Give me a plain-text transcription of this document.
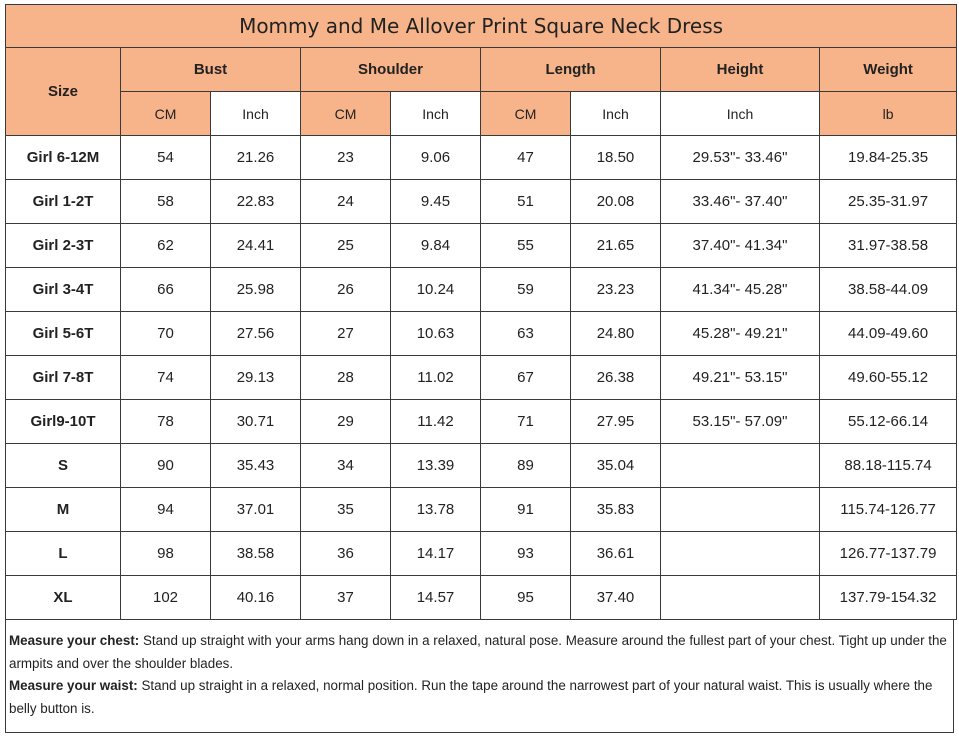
Mommy and Me Allover Print Square Neck Dress								
Size	Bust		Shoulder		Length		Height	Weight
	CM	Inch	CM	Inch	CM	Inch	Inch	lb
Girl 6-12M	54	21.26	23	9.06	47	18.50	29.53"- 33.46"	19.84-25.35
Girl 1-2T	58	22.83	24	9.45	51	20.08	33.46"- 37.40"	25.35-31.97
Girl 2-3T	62	24.41	25	9.84	55	21.65	37.40"- 41.34"	31.97-38.58
Girl 3-4T	66	25.98	26	10.24	59	23.23	41.34"- 45.28"	38.58-44.09
Girl 5-6T	70	27.56	27	10.63	63	24.80	45.28"- 49.21"	44.09-49.60
Girl 7-8T	74	29.13	28	11.02	67	26.38	49.21"- 53.15"	49.60-55.12
Girl9-10T	78	30.71	29	11.42	71	27.95	53.15"- 57.09"	55.12-66.14
S	90	35.43	34	13.39	89	35.04		88.18-115.74
M	94	37.01	35	13.78	91	35.83		115.74-126.77
L	98	38.58	36	14.17	93	36.61		126.77-137.79
XL	102	40.16	37	14.57	95	37.40		137.79-154.32
Measure your chest: Stand up straight with your arms hang down in a relaxed, natural pose. Measure around the fullest part of your chest. Tight up under the armpits and over the shoulder blades.
Measure your waist: Stand up straight in a relaxed, normal position. Run the tape around the narrowest part of your natural waist. This is usually where the belly button is.
